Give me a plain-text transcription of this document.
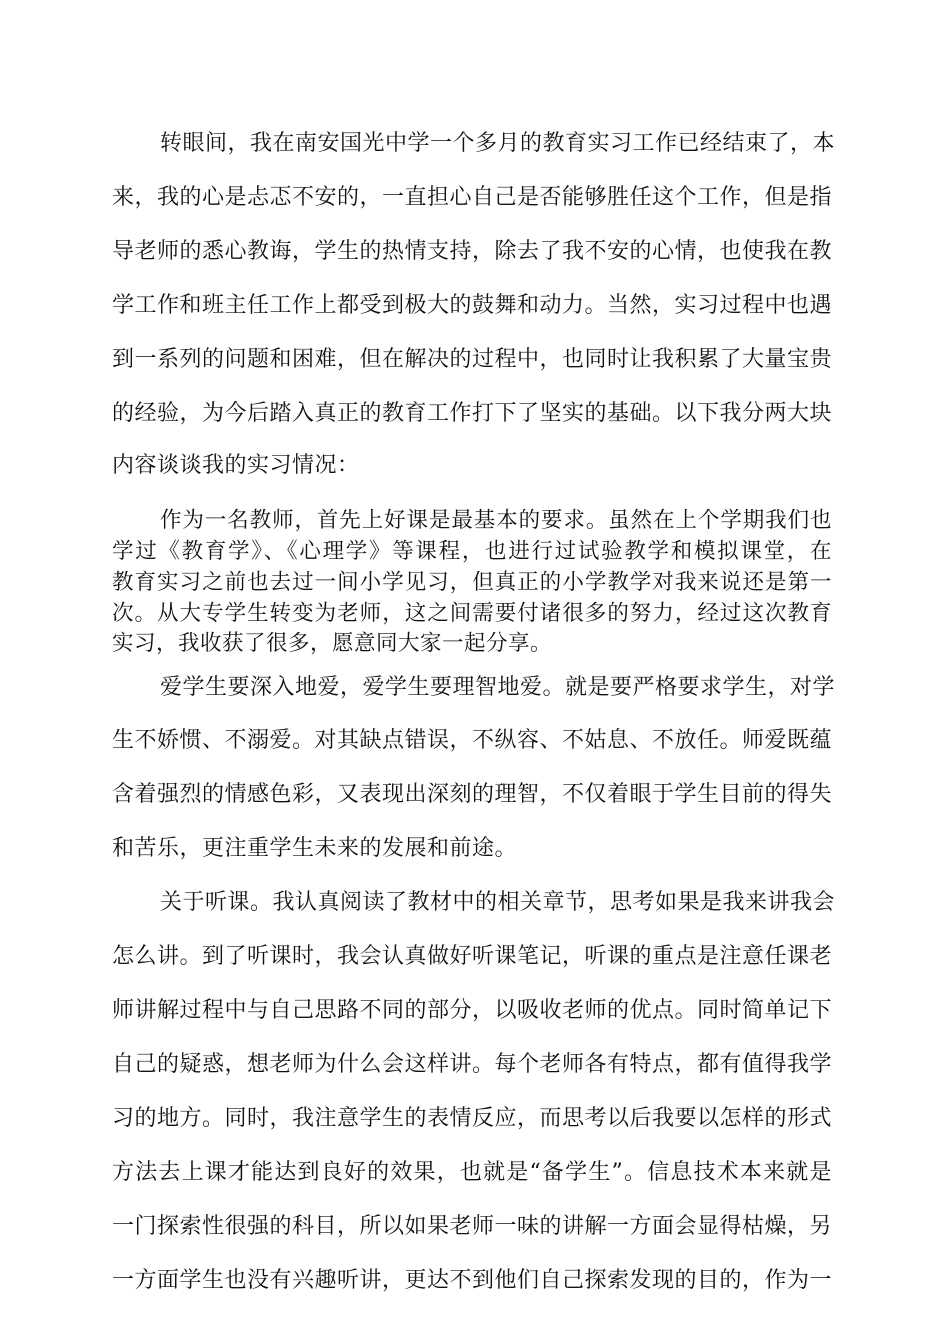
转眼间，我在南安国光中学一个多月的教育实习工作已经结束了，本
来，我的心是忐忑不安的，一直担心自己是否能够胜任这个工作，但是指
导老师的悉心教诲，学生的热情支持，除去了我不安的心情，也使我在教
学工作和班主任工作上都受到极大的鼓舞和动力。当然，实习过程中也遇
到一系列的问题和困难，但在解决的过程中，也同时让我积累了大量宝贵
的经验，为今后踏入真正的教育工作打下了坚实的基础。以下我分两大块
内容谈谈我的实习情况：
作为一名教师，首先上好课是最基本的要求。虽然在上个学期我们也
学过《教育学》、《心理学》等课程，也进行过试验教学和模拟课堂，在
教育实习之前也去过一间小学见习，但真正的小学教学对我来说还是第一
次。从大专学生转变为老师，这之间需要付诸很多的努力，经过这次教育
实习，我收获了很多，愿意同大家一起分享。
爱学生要深入地爱，爱学生要理智地爱。就是要严格要求学生，对学
生不娇惯、不溺爱。对其缺点错误，不纵容、不姑息、不放任。师爱既蕴
含着强烈的情感色彩，又表现出深刻的理智，不仅着眼于学生目前的得失
和苦乐，更注重学生未来的发展和前途。
关于听课。我认真阅读了教材中的相关章节，思考如果是我来讲我会
怎么讲。到了听课时，我会认真做好听课笔记，听课的重点是注意任课老
师讲解过程中与自己思路不同的部分，以吸收老师的优点。同时简单记下
自己的疑惑，想老师为什么会这样讲。每个老师各有特点，都有值得我学
习的地方。同时，我注意学生的表情反应，而思考以后我要以怎样的形式
方法去上课才能达到良好的效果，也就是“备学生”。信息技术本来就是
一门探索性很强的科目，所以如果老师一味的讲解一方面会显得枯燥，另
一方面学生也没有兴趣听讲，更达不到他们自己探索发现的目的，作为一
